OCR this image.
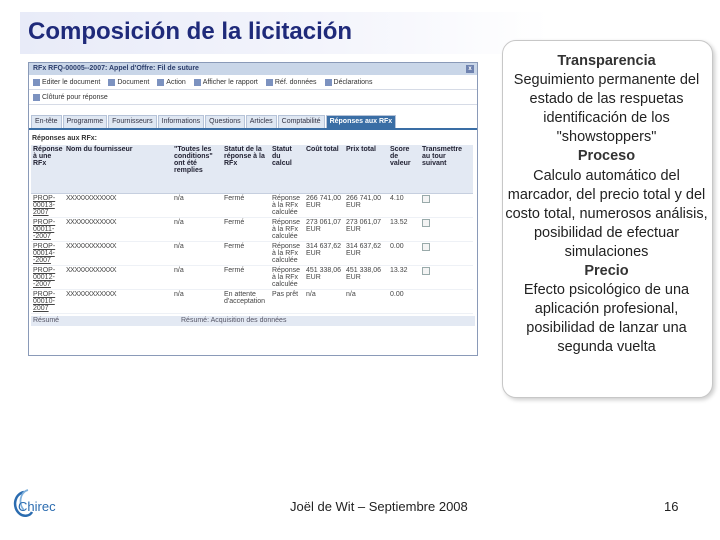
Composición de la licitación
RFx RFQ-00005--2007: Appel d'Offre: Fil de suture	x
Editer le document Document Action Afficher le rapport Réf. données Déclarations
Clôturé pour réponse
En-tête	Programme	Fournisseurs	Informations	Questions	Articles	Comptabilité	Réponses aux RFx
Réponses aux RFx:
Réponse à une RFx	Nom du fournisseur	"Toutes les conditions" ont été remplies	Statut de la réponse à la RFx	Statut du calcul	Coût total	Prix total	Score de valeur	Transmettre au tour suivant
PROP-00013-2007	XXXXXXXXXXXX	n/a	Fermé	Réponse à la RFx calculée	266 741,00 EUR	266 741,00 EUR	4.10	
PROP-00011--2007	XXXXXXXXXXXX	n/a	Fermé	Réponse à la RFx calculée	273 061,07 EUR	273 061,07 EUR	13.52	
PROP-00014--2007	XXXXXXXXXXXX	n/a	Fermé	Réponse à la RFx calculée	314 637,62 EUR	314 637,62 EUR	0.00	
PROP-00012--2007	XXXXXXXXXXXX	n/a	Fermé	Réponse à la RFx calculée	451 338,06 EUR	451 338,06 EUR	13.32	
PROP-00010-2007	XXXXXXXXXXXX	n/a	En attente d'acceptation	Pas prêt	n/a	n/a	0.00	
Résumé	Résumé: Acquisition des données
Transparencia
Seguimiento permanente del estado de las respuetas identificación de los "showstoppers"
Proceso
Calculo automático del marcador, del precio total y del costo total, numerosos análisis, posibilidad de efectuar simulaciones
Precio
Efecto psicológico de una aplicación profesional, posibilidad de lanzar una segunda vuelta
Chirec	Joël de Wit – Septiembre 2008	16
